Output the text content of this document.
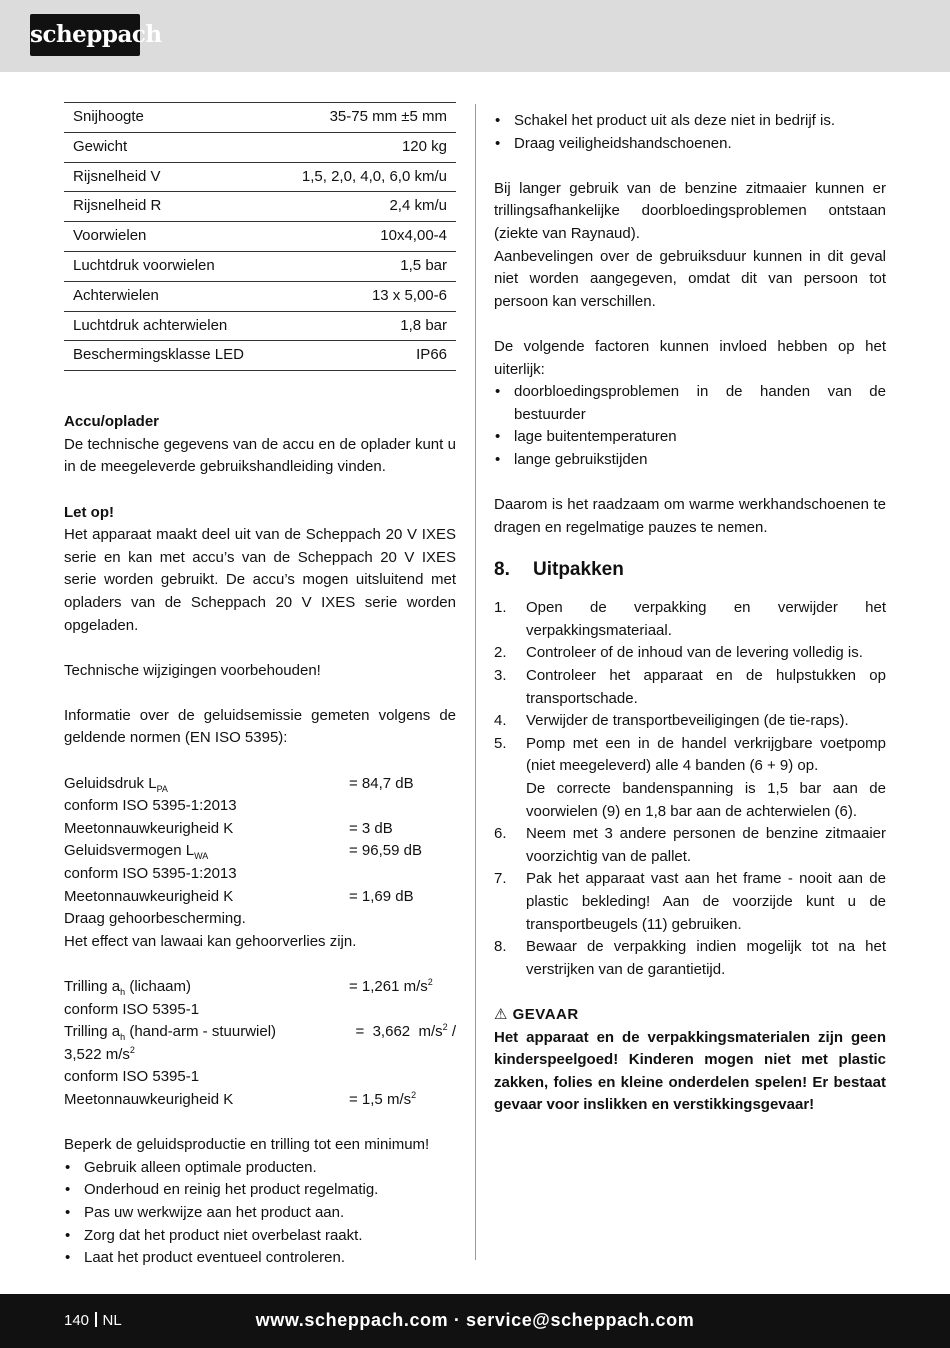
scheppach
Snijhoogte	35-75 mm ±5 mm
Gewicht	120 kg
Rijsnelheid V	1,5, 2,0, 4,0, 6,0 km/u
Rijsnelheid R	2,4 km/u
Voorwielen	10x4,00-4
Luchtdruk voorwielen	1,5 bar
Achterwielen	13 x 5,00-6
Luchtdruk achterwielen	1,8 bar
Beschermingsklasse LED	IP66

Accu/oplader

De technische gegevens van de accu en de oplader kunt u in de meegeleverde gebruikshandleiding vinden.

Let op!

Het apparaat maakt deel uit van de Scheppach 20 V IXES serie en kan met accu’s van de Scheppach 20 V IXES serie worden gebruikt. De accu’s mogen uitsluitend met opladers van de Scheppach 20 V IXES serie worden opgeladen.

Technische wijzigingen voorbehouden!

Informatie over de geluidsemissie gemeten volgens de geldende normen (EN ISO 5395):

Geluidsdruk $L_{PA}$	= 84,7 dB

conform ISO 5395-1:2013

Meetonnauwkeurigheid K	= 3 dB
Geluidsvermogen $L_{WA}$	= 96,59 dB

conform ISO 5395-1:2013

Meetonnauwkeurigheid K	= 1,69 dB

Draag gehoorbescherming.

Het effect van lawaai kan gehoorverlies zijn.

Trilling $a_h$ (lichaam)	= 1,261 $m/s^2$

conform ISO 5395-1

Trilling $a_h$ (hand-arm - stuurwiel)	=  3,662  $m/s^2$ /

3,522 $m/s^2$

conform ISO 5395-1

Meetonnauwkeurigheid K	= 1,5 $m/s^2$

Beperk de geluidsproductie en trilling tot een minimum!

• Gebruik alleen optimale producten.
• Onderhoud en reinig het product regelmatig.
• Pas uw werkwijze aan het product aan.
• Zorg dat het product niet overbelast raakt.
• Laat het product eventueel controleren.
• Schakel het product uit als deze niet in bedrijf is.
• Draag veiligheidshandschoenen.

Bij langer gebruik van de benzine zitmaaier kunnen er trillingsafhankelijke doorbloedingsproblemen ontstaan (ziekte van Raynaud).

Aanbevelingen over de gebruiksduur kunnen in dit geval niet worden aangegeven, omdat dit van persoon tot persoon kan verschillen.

De volgende factoren kunnen invloed hebben op het uiterlijk:

• doorbloedingsproblemen in de handen van de bestuurder
• lage buitentemperaturen
• lange gebruikstijden

Daarom is het raadzaam om warme werkhandschoenen te dragen en regelmatige pauzes te nemen.

8. Uitpakken
1.	Open de verpakking en verwijder het verpakkingsmateriaal.
2.	Controleer of de inhoud van de levering volledig is.
3.	Controleer het apparaat en de hulpstukken op transportschade.
4.	Verwijder de transportbeveiligingen (de tie-raps).
5.	Pomp met een in de handel verkrijgbare voetpomp (niet meegeleverd) alle 4 banden (6 + 9) op.
De correcte bandenspanning is 1,5 bar aan de voorwielen (9) en 1,8 bar aan de achterwielen (6).
6.	Neem met 3 andere personen de benzine zitmaaier voorzichtig van de pallet.
7.	Pak het apparaat vast aan het frame - nooit aan de plastic bekleding! Aan de voorzijde kunt u de transportbeugels (11) gebruiken.
8.	Bewaar de verpakking indien mogelijk tot na het verstrijken van de garantietijd.

⚠ GEVAAR

Het apparaat en de verpakkingsmaterialen zijn geen kinderspeelgoed! Kinderen mogen niet met plastic zakken, folies en kleine onderdelen spelen! Er bestaat gevaar voor inslikken en verstikkingsgevaar!

140 NL	www.scheppach.com · service@scheppach.com
